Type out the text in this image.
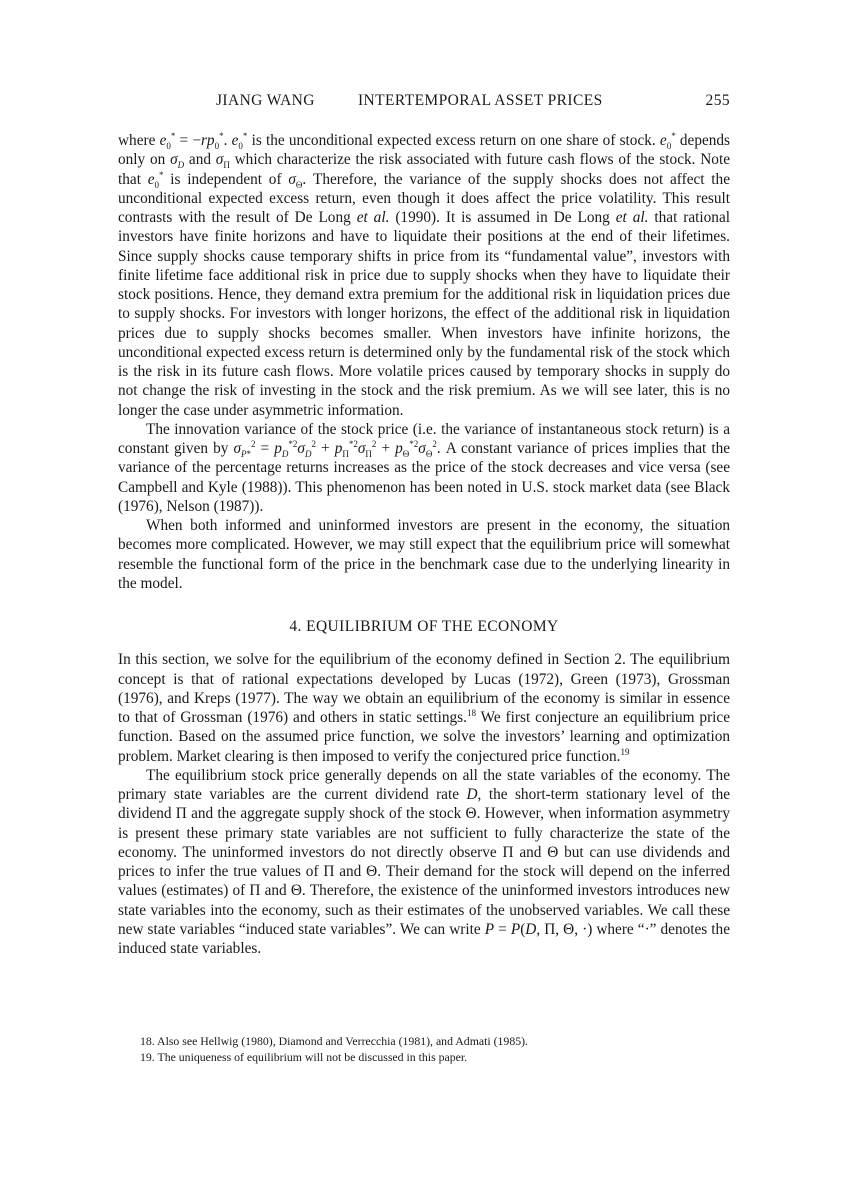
JIANG WANG	INTERTEMPORAL ASSET PRICES	255

where $e_0^* = -rp_0^*$. $e_0^*$ is the unconditional expected excess return on one share of stock. $e_0^*$ depends only on $\sigma_D$ and $\sigma_\Pi$ which characterize the risk associated with future cash flows of the stock. Note that $e_0^*$ is independent of $\sigma_\Theta$. Therefore, the variance of the supply shocks does not affect the unconditional expected excess return, even though it does affect the price volatility. This result contrasts with the result of De Long et al. (1990). It is assumed in De Long et al. that rational investors have finite horizons and have to liquidate their positions at the end of their lifetimes. Since supply shocks cause temporary shifts in price from its “fundamental value”, investors with finite lifetime face additional risk in price due to supply shocks when they have to liquidate their stock positions. Hence, they demand extra premium for the additional risk in liquidation prices due to supply shocks. For investors with longer horizons, the effect of the additional risk in liquidation prices due to supply shocks becomes smaller. When investors have infinite horizons, the unconditional expected excess return is determined only by the fundamental risk of the stock which is the risk in its future cash flows. More volatile prices caused by temporary shocks in supply do not change the risk of investing in the stock and the risk premium. As we will see later, this is no longer the case under asymmetric information.

The innovation variance of the stock price (i.e. the variance of instantaneous stock return) is a constant given by $\sigma_{P*}^2 = p_D^{*2}\sigma_D^2 + p_\Pi^{*2}\sigma_\Pi^2 + p_\Theta^{*2}\sigma_\Theta^2$. A constant variance of prices implies that the variance of the percentage returns increases as the price of the stock decreases and vice versa (see Campbell and Kyle (1988)). This phenomenon has been noted in U.S. stock market data (see Black (1976), Nelson (1987)).

When both informed and uninformed investors are present in the economy, the situation becomes more complicated. However, we may still expect that the equilibrium price will somewhat resemble the functional form of the price in the benchmark case due to the underlying linearity in the model.

4. EQUILIBRIUM OF THE ECONOMY

In this section, we solve for the equilibrium of the economy defined in Section 2. The equilibrium concept is that of rational expectations developed by Lucas (1972), Green (1973), Grossman (1976), and Kreps (1977). The way we obtain an equilibrium of the economy is similar in essence to that of Grossman (1976) and others in static settings.$^{18}$ We first conjecture an equilibrium price function. Based on the assumed price function, we solve the investors’ learning and optimization problem. Market clearing is then imposed to verify the conjectured price function.$^{19}$

The equilibrium stock price generally depends on all the state variables of the economy. The primary state variables are the current dividend rate D, the short-term stationary level of the dividend Π and the aggregate supply shock of the stock Θ. However, when information asymmetry is present these primary state variables are not sufficient to fully characterize the state of the economy. The uninformed investors do not directly observe Π and Θ but can use dividends and prices to infer the true values of Π and Θ. Their demand for the stock will depend on the inferred values (estimates) of Π and Θ. Therefore, the existence of the uninformed investors introduces new state variables into the economy, such as their estimates of the unobserved variables. We call these new state variables “induced state variables”. We can write P = P(D, Π, Θ, ·) where “·” denotes the induced state variables.

18. Also see Hellwig (1980), Diamond and Verrecchia (1981), and Admati (1985).
19. The uniqueness of equilibrium will not be discussed in this paper.
